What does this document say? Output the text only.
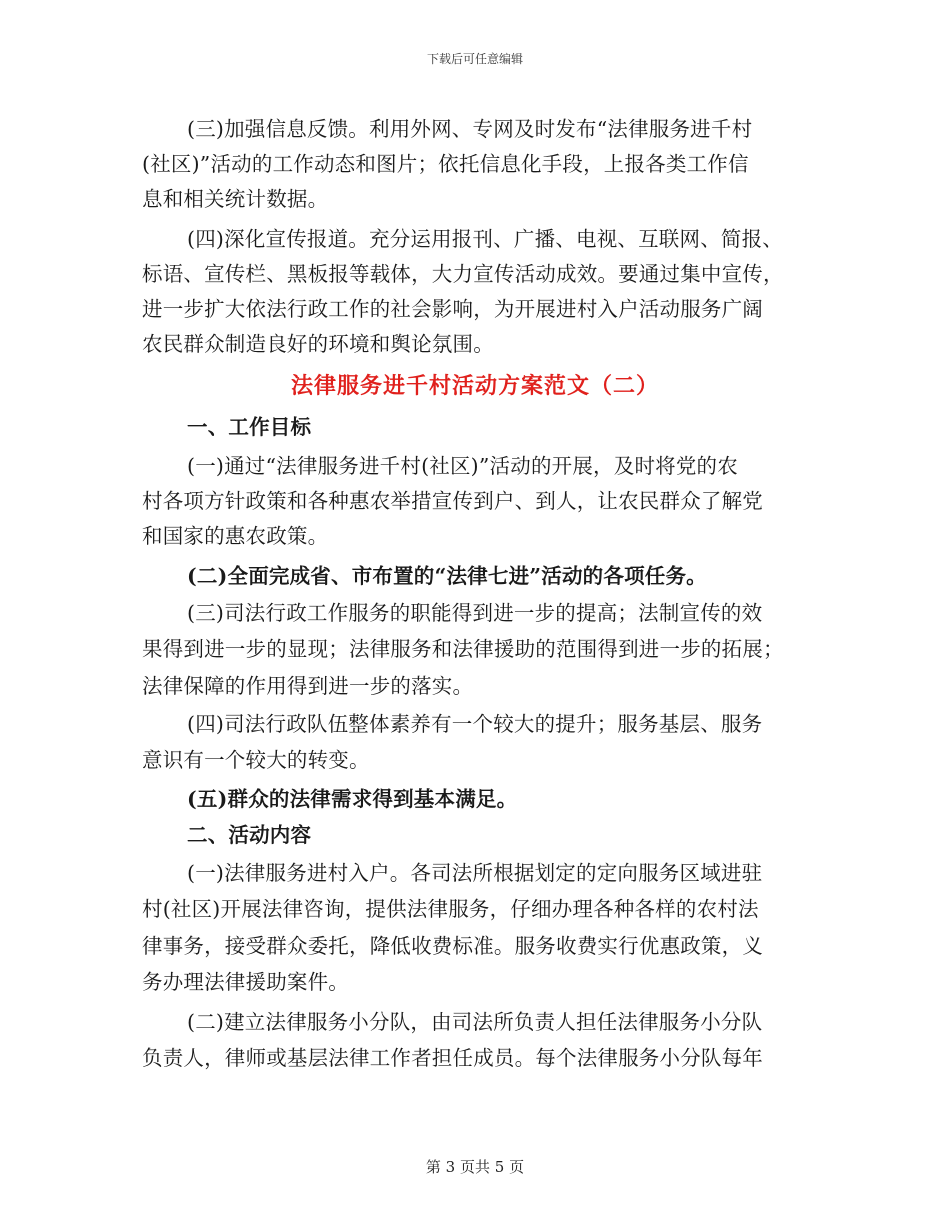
下载后可任意编辑
(三)加强信息反馈。利用外网、专网及时发布“法律服务进千村
(社区)”活动的工作动态和图片；依托信息化手段，上报各类工作信
息和相关统计数据。
(四)深化宣传报道。充分运用报刊、广播、电视、互联网、简报、
标语、宣传栏、黑板报等载体，大力宣传活动成效。要通过集中宣传，
进一步扩大依法行政工作的社会影响，为开展进村入户活动服务广阔
农民群众制造良好的环境和舆论氛围。
法律服务进千村活动方案范文（二）
一、工作目标
(一)通过“法律服务进千村(社区)”活动的开展，及时将党的农
村各项方针政策和各种惠农举措宣传到户、到人，让农民群众了解党
和国家的惠农政策。
(二)全面完成省、市布置的“法律七进”活动的各项任务。
(三)司法行政工作服务的职能得到进一步的提高；法制宣传的效
果得到进一步的显现；法律服务和法律援助的范围得到进一步的拓展；
法律保障的作用得到进一步的落实。
(四)司法行政队伍整体素养有一个较大的提升；服务基层、服务
意识有一个较大的转变。
(五)群众的法律需求得到基本满足。
二、活动内容
(一)法律服务进村入户。各司法所根据划定的定向服务区域进驻
村(社区)开展法律咨询，提供法律服务，仔细办理各种各样的农村法
律事务，接受群众委托，降低收费标准。服务收费实行优惠政策，义
务办理法律援助案件。
(二)建立法律服务小分队，由司法所负责人担任法律服务小分队
负责人，律师或基层法律工作者担任成员。每个法律服务小分队每年
第 3 页共 5 页
